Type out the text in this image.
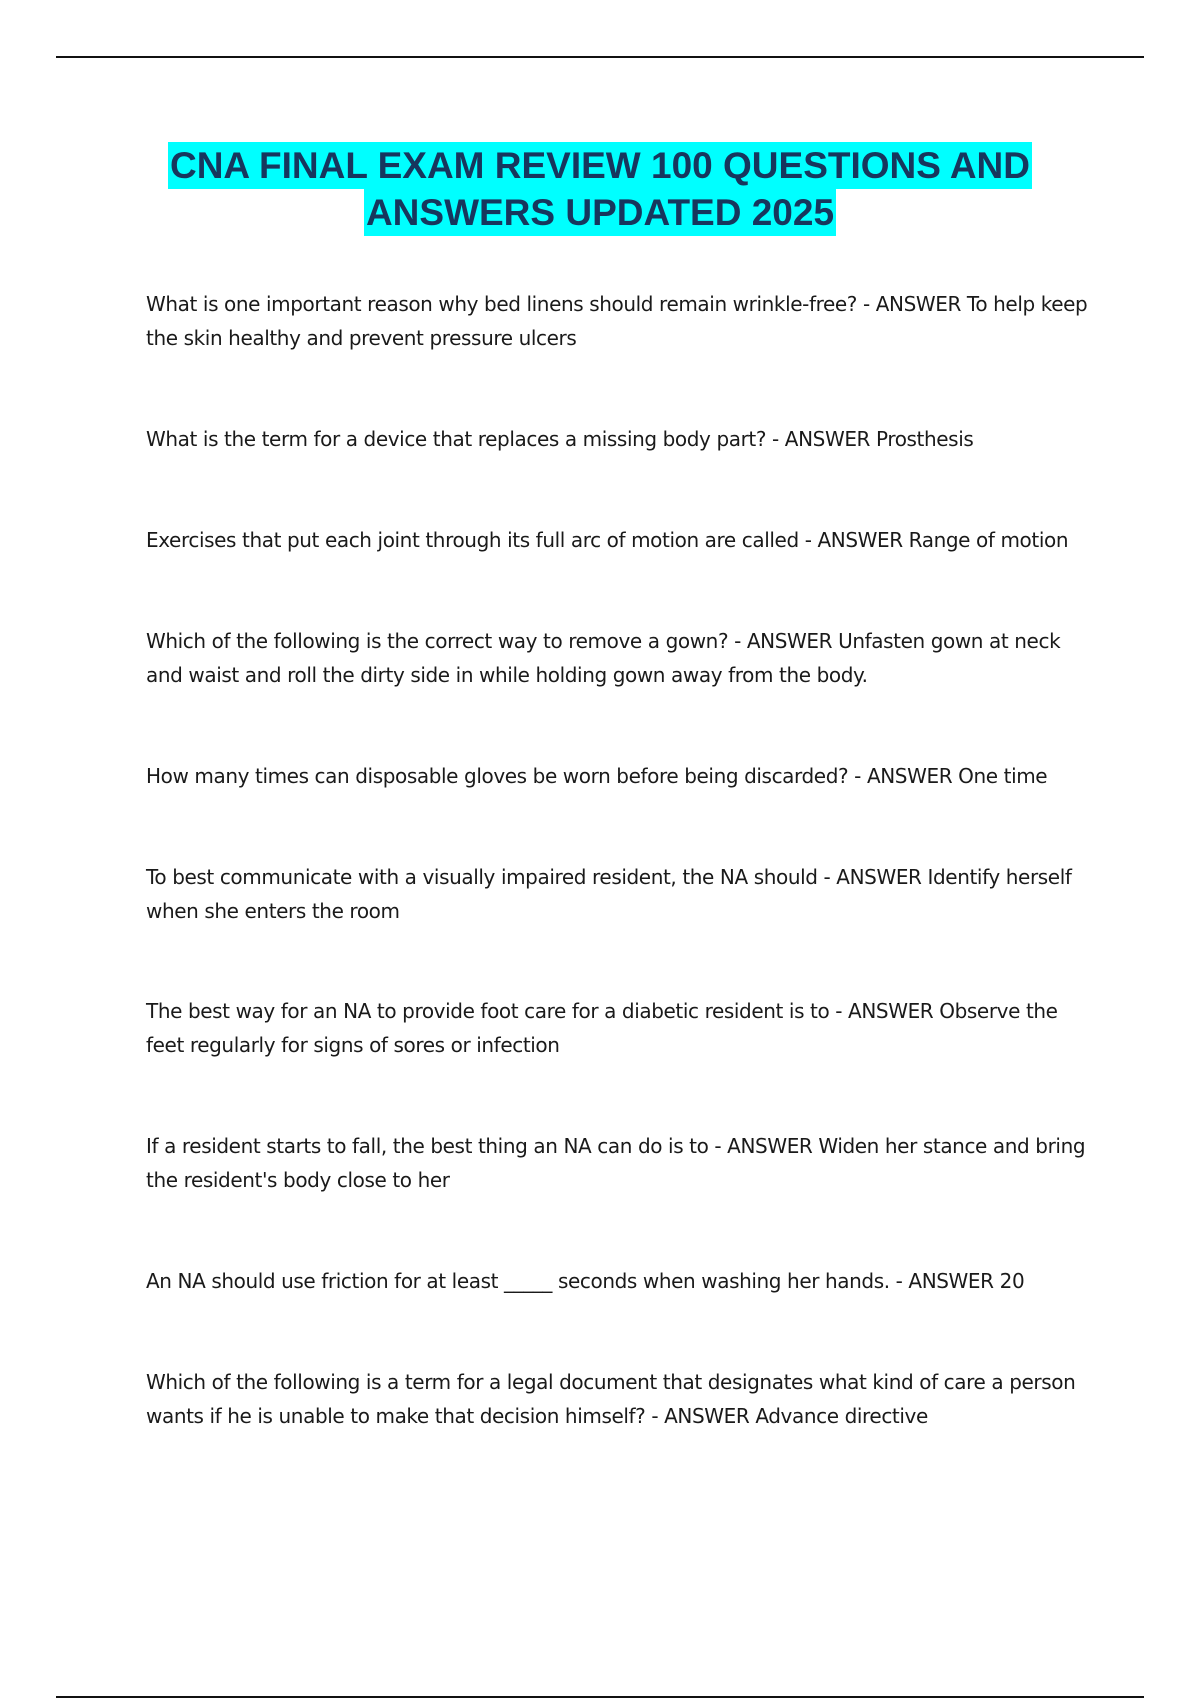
CNA FINAL EXAM REVIEW 100 QUESTIONS AND
ANSWERS UPDATED 2025
What is one important reason why bed linens should remain wrinkle-free? - ANSWER To help keep the skin healthy and prevent pressure ulcers
What is the term for a device that replaces a missing body part? - ANSWER Prosthesis
Exercises that put each joint through its full arc of motion are called - ANSWER Range of motion
Which of the following is the correct way to remove a gown? - ANSWER Unfasten gown at neck and waist and roll the dirty side in while holding gown away from the body.
How many times can disposable gloves be worn before being discarded? - ANSWER One time
To best communicate with a visually impaired resident, the NA should - ANSWER Identify herself when she enters the room
The best way for an NA to provide foot care for a diabetic resident is to - ANSWER Observe the feet regularly for signs of sores or infection
If a resident starts to fall, the best thing an NA can do is to - ANSWER Widen her stance and bring the resident's body close to her
An NA should use friction for at least _____ seconds when washing her hands. - ANSWER 20
Which of the following is a term for a legal document that designates what kind of care a person wants if he is unable to make that decision himself? - ANSWER Advance directive
